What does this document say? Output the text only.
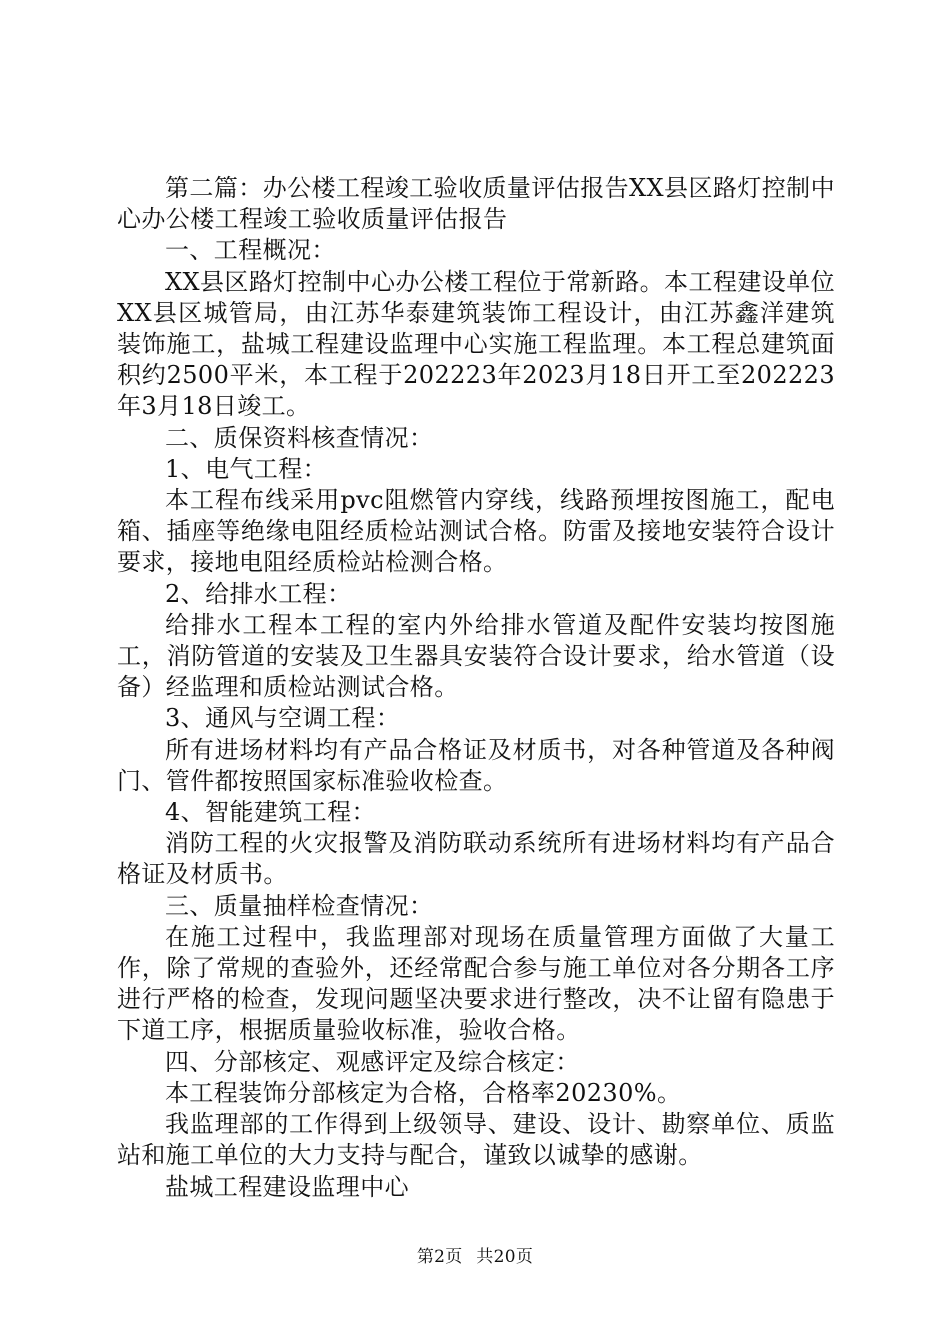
第二篇：办公楼工程竣工验收质量评估报告XX县区路灯控制中心办公楼工程竣工验收质量评估报告

一、工程概况：

XX县区路灯控制中心办公楼工程位于常新路。本工程建设单位XX县区城管局，由江苏华泰建筑装饰工程设计，由江苏鑫洋建筑装饰施工，盐城工程建设监理中心实施工程监理。本工程总建筑面积约2500平米，本工程于202223年2023月18日开工至202223年3月18日竣工。

二、质保资料核查情况：

1、电气工程：

本工程布线采用pvc阻燃管内穿线，线路预埋按图施工，配电箱、插座等绝缘电阻经质检站测试合格。防雷及接地安装符合设计要求，接地电阻经质检站检测合格。

2、给排水工程：

给排水工程本工程的室内外给排水管道及配件安装均按图施工，消防管道的安装及卫生器具安装符合设计要求，给水管道（设备）经监理和质检站测试合格。

3、通风与空调工程：

所有进场材料均有产品合格证及材质书，对各种管道及各种阀门、管件都按照国家标准验收检查。

4、智能建筑工程：

消防工程的火灾报警及消防联动系统所有进场材料均有产品合格证及材质书。

三、质量抽样检查情况：

在施工过程中，我监理部对现场在质量管理方面做了大量工作，除了常规的查验外，还经常配合参与施工单位对各分期各工序进行严格的检查，发现问题坚决要求进行整改，决不让留有隐患于下道工序，根据质量验收标准，验收合格。

四、分部核定、观感评定及综合核定：

本工程装饰分部核定为合格，合格率20230%。

我监理部的工作得到上级领导、建设、设计、勘察单位、质监站和施工单位的大力支持与配合，谨致以诚挚的感谢。

盐城工程建设监理中心

第2页 共20页
